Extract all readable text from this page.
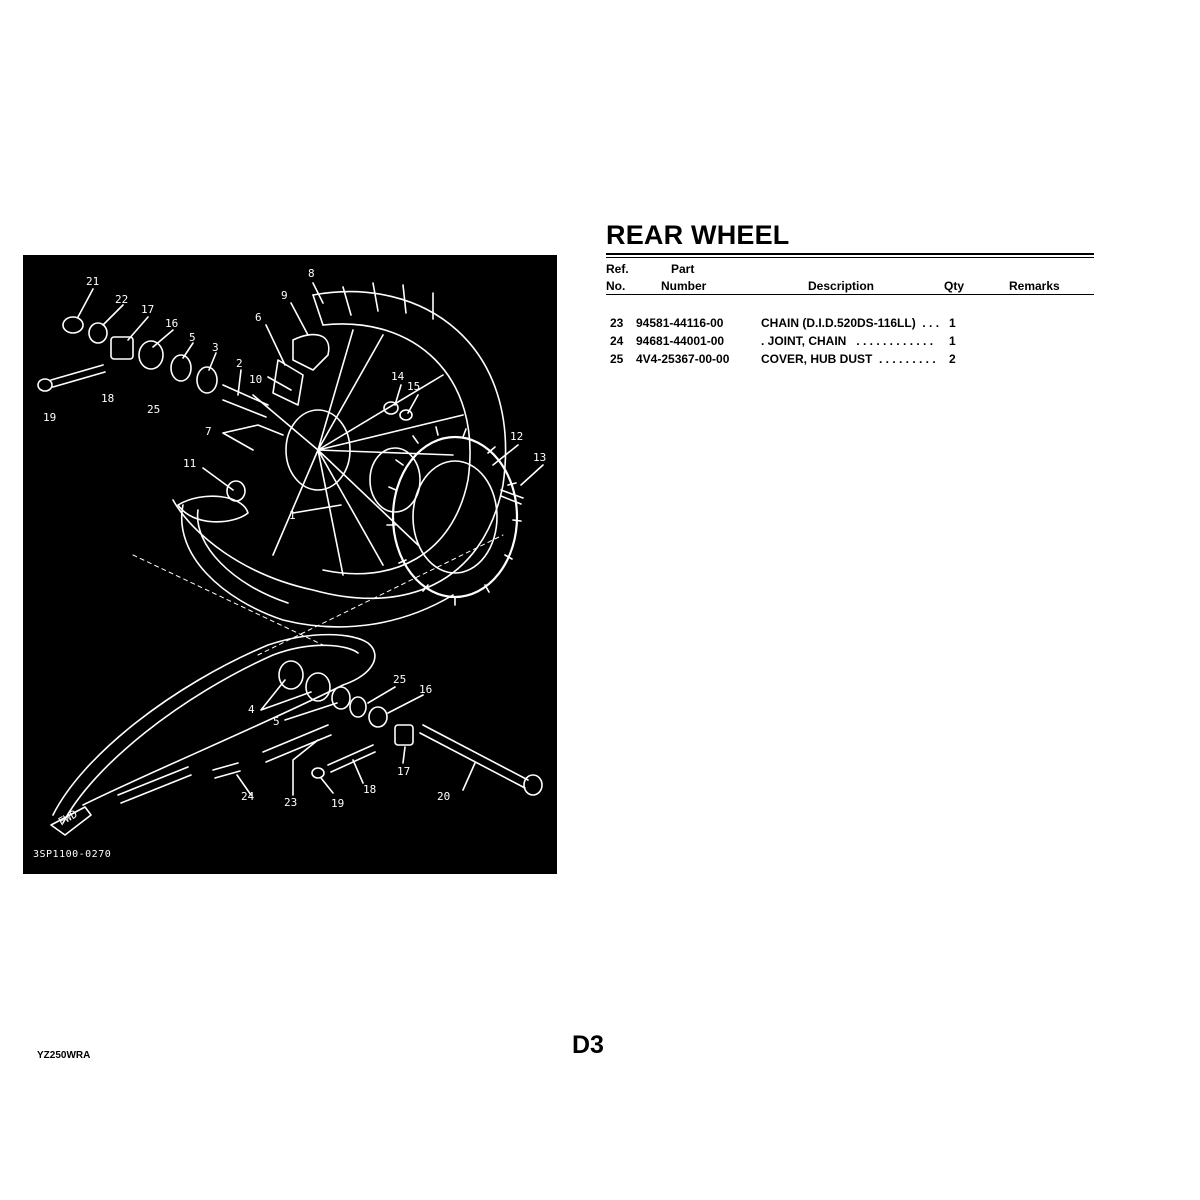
21
22
17
16
5
3
2
8
9
6
10
18
19
25
7
11
1
14
15
12
13
25
16
4
5
17
18
19
20
24	23
FWD
3SP1100-0270
REAR WHEEL
Ref.
No.
Part
Number	Description	Qty	Remarks
23 94581-44116-00	CHAIN (D.I.D.520DS-116LL)  . . . 1
24 94681-44001-00	. JOINT, CHAIN   . . . . . . . . . . . . 1
25 4V4-25367-00-00	COVER, HUB DUST  . . . . . . . . . 2
D3
YZ250WRA
